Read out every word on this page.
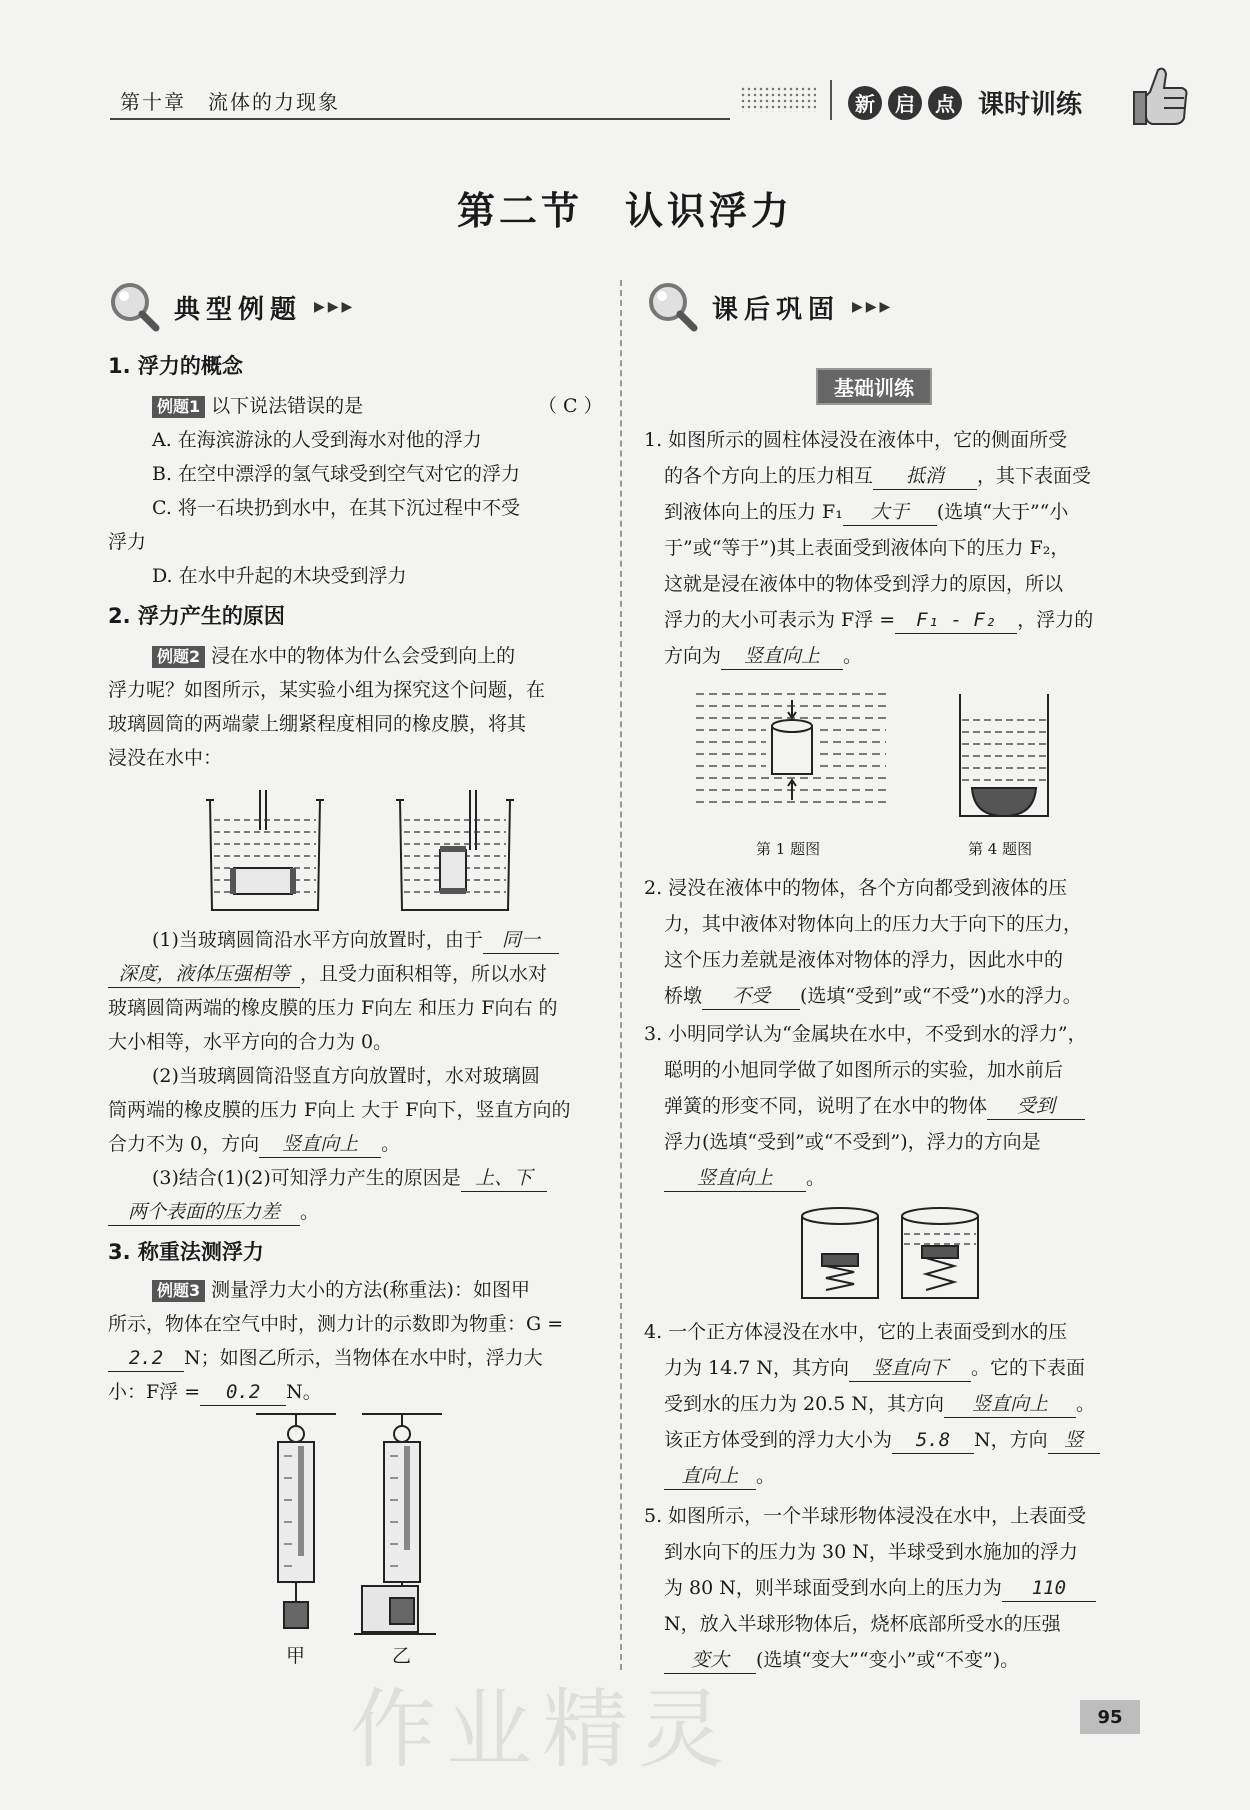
第十章　流体的力现象	新	启	点 课时训练
第二节　认识浮力
典型例题 ▶▶▶
1. 浮力的概念
例题1 以下说法错误的是	（ C ）
A. 在海滨游泳的人受到海水对他的浮力
B. 在空中漂浮的氢气球受到空气对它的浮力
C. 将一石块扔到水中，在其下沉过程中不受
浮力
D. 在水中升起的木块受到浮力
2. 浮力产生的原因
例题2 浸在水中的物体为什么会受到向上的
浮力呢？如图所示，某实验小组为探究这个问题，在
玻璃圆筒的两端蒙上绷紧程度相同的橡皮膜，将其
浸没在水中：
(1)当玻璃圆筒沿水平方向放置时，由于 同一
深度，液体压强相等 ，且受力面积相等，所以水对
玻璃圆筒两端的橡皮膜的压力 F向左 和压力 F向右 的
大小相等，水平方向的合力为 0。
(2)当玻璃圆筒沿竖直方向放置时，水对玻璃圆
筒两端的橡皮膜的压力 F向上 大于 F向下，竖直方向的
合力不为 0，方向 竖直向上 。
(3)结合(1)(2)可知浮力产生的原因是 上、下
两个表面的压力差 。
3. 称重法测浮力
例题3 测量浮力大小的方法(称重法)：如图甲
所示，物体在空气中时，测力计的示数即为物重：G =
2.2 N；如图乙所示，当物体在水中时，浮力大
小：F浮 = 0.2 N。
甲	乙
课后巩固 ▶▶▶
基础训练
1. 如图所示的圆柱体浸没在液体中，它的侧面所受
的各个方向上的压力相互 抵消 ，其下表面受
到液体向上的压力 F₁ 大于 (选填“大于”“小
于”或“等于”)其上表面受到液体向下的压力 F₂，
这就是浸在液体中的物体受到浮力的原因，所以
浮力的大小可表示为 F浮 = F₁ - F₂ ，浮力的
方向为 竖直向上 。
第 1 题图	第 4 题图
2. 浸没在液体中的物体，各个方向都受到液体的压
力，其中液体对物体向上的压力大于向下的压力，
这个压力差就是液体对物体的浮力，因此水中的
桥墩 不受 (选填“受到”或“不受”)水的浮力。
3. 小明同学认为“金属块在水中，不受到水的浮力”，
聪明的小旭同学做了如图所示的实验，加水前后
弹簧的形变不同，说明了在水中的物体 受到
浮力(选填“受到”或“不受到”)，浮力的方向是
竖直向上 。
4. 一个正方体浸没在水中，它的上表面受到水的压
力为 14.7 N，其方向 竖直向下 。它的下表面
受到水的压力为 20.5 N，其方向 竖直向上 。
该正方体受到的浮力大小为 5.8 N，方向 竖
直向上 。
5. 如图所示，一个半球形物体浸没在水中，上表面受
到水向下的压力为 30 N，半球受到水施加的浮力
为 80 N，则半球面受到水向上的压力为 110
N，放入半球形物体后，烧杯底部所受水的压强
变大 (选填“变大”“变小”或“不变”)。
作业精灵	95
